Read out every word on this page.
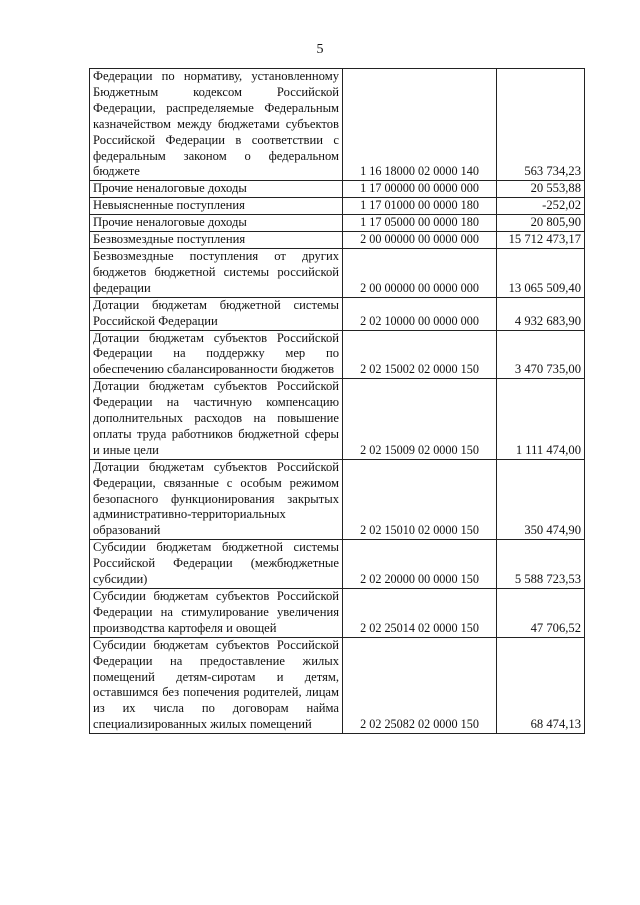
5
Федерации по нормативу, установленному Бюджетным кодексом Российской Федерации, распределяемые Федеральным казначейством между бюджетами субъектов Российской Федерации в соответствии с федеральным законом о федеральном бюджете	1 16 18000 02 0000 140	563 734,23
Прочие неналоговые доходы	1 17 00000 00 0000 000	20 553,88
Невыясненные поступления	1 17 01000 00 0000 180	-252,02
Прочие неналоговые доходы	1 17 05000 00 0000 180	20 805,90
Безвозмездные поступления	2 00 00000 00 0000 000	15 712 473,17
Безвозмездные поступления от других бюджетов бюджетной системы российской федерации	2 00 00000 00 0000 000	13 065 509,40
Дотации бюджетам бюджетной системы Российской Федерации	2 02 10000 00 0000 000	4 932 683,90
Дотации бюджетам субъектов Российской Федерации на поддержку мер по обеспечению сбалансированности бюджетов	2 02 15002 02 0000 150	3 470 735,00
Дотации бюджетам субъектов Российской Федерации на частичную компенсацию дополнительных расходов на повышение оплаты труда работников бюджетной сферы и иные цели	2 02 15009 02 0000 150	1 111 474,00
Дотации бюджетам субъектов Российской Федерации, связанные с особым режимом безопасного функционирования закрытых административно-территориальных образований	2 02 15010 02 0000 150	350 474,90
Субсидии бюджетам бюджетной системы Российской Федерации (межбюджетные субсидии)	2 02 20000 00 0000 150	5 588 723,53
Субсидии бюджетам субъектов Российской Федерации на стимулирование увеличения производства картофеля и овощей	2 02 25014 02 0000 150	47 706,52
Субсидии бюджетам субъектов Российской Федерации на предоставление жилых помещений детям-сиротам и детям, оставшимся без попечения родителей, лицам из их числа по договорам найма специализированных жилых помещений	2 02 25082 02 0000 150	68 474,13
